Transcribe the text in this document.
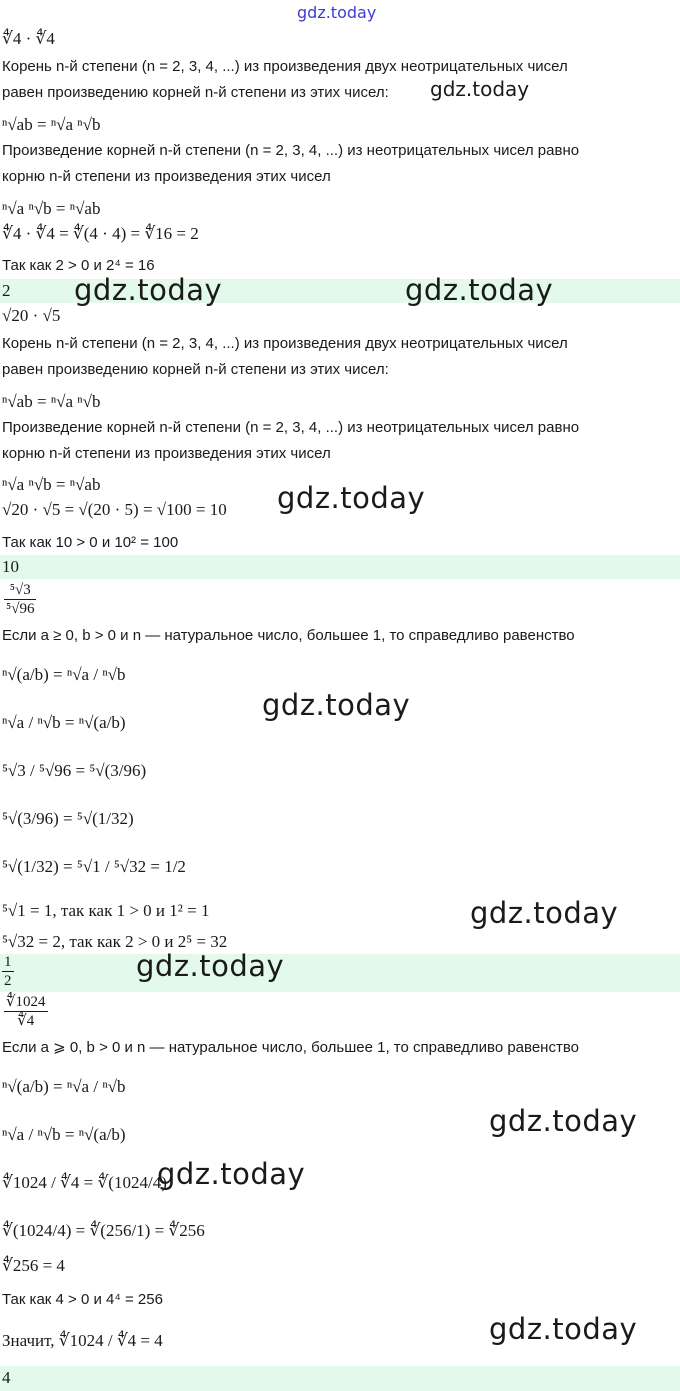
gdz.today
gdz.today
gdz.today	gdz.today
gdz.today
gdz.today
gdz.today
gdz.today
gdz.today
gdz.today
gdz.today
∜4 · ∜4
Корень n-й степени (n = 2, 3, 4, ...) из произведения двух неотрицательных чисел
равен произведению корней n-й степени из этих чисел:
ⁿ√ab = ⁿ√a ⁿ√b
Произведение корней n-й степени (n = 2, 3, 4, ...) из неотрицательных чисел равно
корню n-й степени из произведения этих чисел
ⁿ√a ⁿ√b = ⁿ√ab
∜4 · ∜4 = ∜(4 · 4) = ∜16 = 2
Так как 2 > 0 и 2⁴ = 16
2
√20 · √5
Корень n-й степени (n = 2, 3, 4, ...) из произведения двух неотрицательных чисел
равен произведению корней n-й степени из этих чисел:
ⁿ√ab = ⁿ√a ⁿ√b
Произведение корней n-й степени (n = 2, 3, 4, ...) из неотрицательных чисел равно
корню n-й степени из произведения этих чисел
ⁿ√a ⁿ√b = ⁿ√ab
√20 · √5 = √(20 · 5) = √100 = 10
Так как 10 > 0 и 10² = 100
10
$\frac{\text{⁵√3}}{\text{⁵√96}}$
Если a ≥ 0, b > 0 и n — натуральное число, большее 1, то справедливо равенство
ⁿ√(a/b) = ⁿ√a / ⁿ√b
ⁿ√a / ⁿ√b = ⁿ√(a/b)
⁵√3 / ⁵√96 = ⁵√(3/96)
⁵√(3/96) = ⁵√(1/32)
⁵√(1/32) = ⁵√1 / ⁵√32 = 1/2
⁵√1 = 1, так как 1 > 0 и 1² = 1
⁵√32 = 2, так как 2 > 0 и 2⁵ = 32
$\frac{1}{2}$
$\frac{∜1024}{∜4}$
Если a ⩾ 0, b > 0 и n — натуральное число, большее 1, то справедливо равенство
ⁿ√(a/b) = ⁿ√a / ⁿ√b
ⁿ√a / ⁿ√b = ⁿ√(a/b)
∜1024 / ∜4 = ∜(1024/4)
∜(1024/4) = ∜(256/1) = ∜256
∜256 = 4
Так как 4 > 0 и 4⁴ = 256
Значит, ∜1024 / ∜4 = 4
4
